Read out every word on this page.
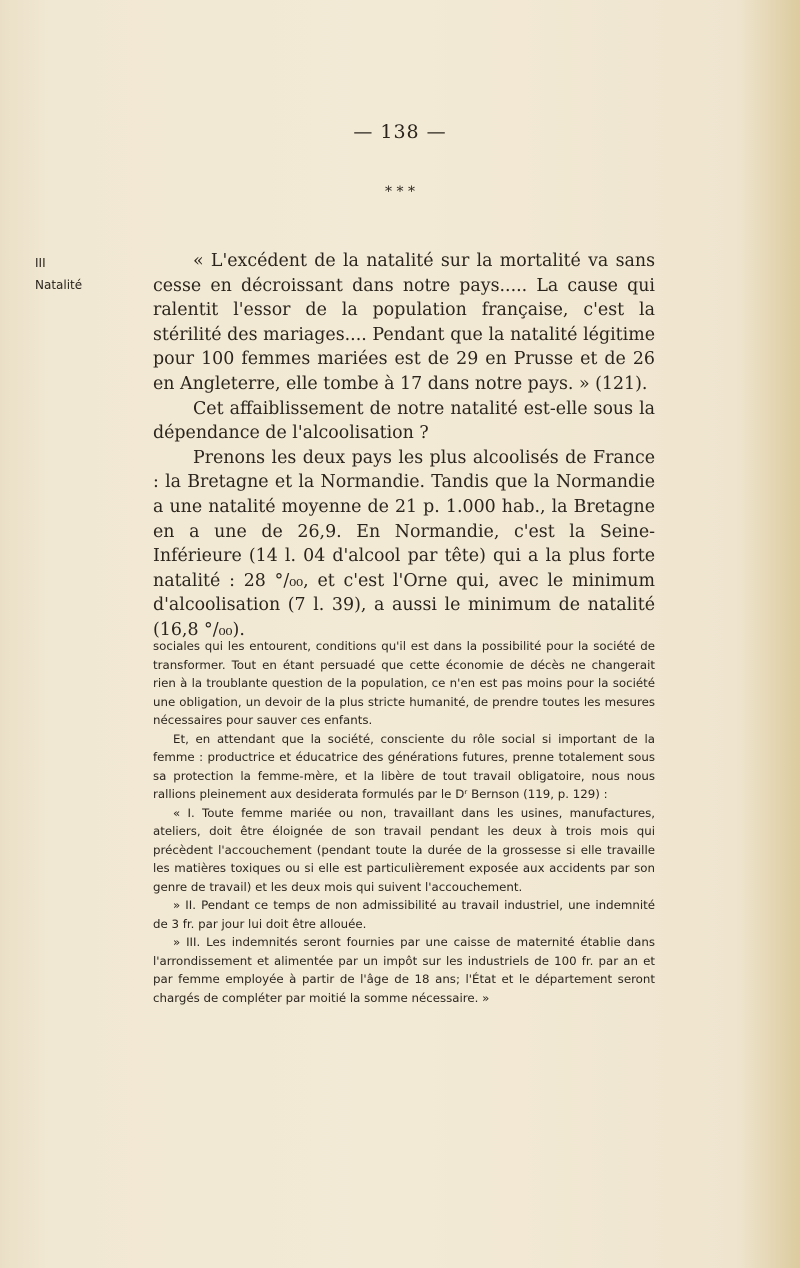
— 138 —
* * *
III
Natalité

« L'excédent de la natalité sur la mortalité va sans cesse en décroissant dans notre pays..... La cause qui ralentit l'essor de la population française, c'est la stérilité des mariages.... Pendant que la natalité légitime pour 100 femmes mariées est de 29 en Prusse et de 26 en Angleterre, elle tombe à 17 dans notre pays. » (121).

Cet affaiblissement de notre natalité est-elle sous la dépendance de l'alcoolisation ?

Prenons les deux pays les plus alcoolisés de France : la Bretagne et la Normandie. Tandis que la Normandie a une natalité moyenne de 21 p. 1.000 hab., la Bretagne en a une de 26,9. En Normandie, c'est la Seine-Inférieure (14 l. 04 d'alcool par tête) qui a la plus forte natalité : 28 °/₀₀, et c'est l'Orne qui, avec le minimum d'alcoolisation (7 l. 39), a aussi le minimum de natalité (16,8 °/₀₀).

sociales qui les entourent, conditions qu'il est dans la possibilité pour la société de transformer. Tout en étant persuadé que cette économie de décès ne changerait rien à la troublante question de la population, ce n'en est pas moins pour la société une obligation, un devoir de la plus stricte humanité, de prendre toutes les mesures nécessaires pour sauver ces enfants.

Et, en attendant que la société, consciente du rôle social si important de la femme : productrice et éducatrice des générations futures, prenne totalement sous sa protection la femme-mère, et la libère de tout travail obligatoire, nous nous rallions pleinement aux desiderata formulés par le Dʳ Bernson (119, p. 129) :

« I. Toute femme mariée ou non, travaillant dans les usines, manufactures, ateliers, doit être éloignée de son travail pendant les deux à trois mois qui précèdent l'accouchement (pendant toute la durée de la grossesse si elle travaille les matières toxiques ou si elle est particulièrement exposée aux accidents par son genre de travail) et les deux mois qui suivent l'accouchement.

» II. Pendant ce temps de non admissibilité au travail industriel, une indemnité de 3 fr. par jour lui doit être allouée.

» III. Les indemnités seront fournies par une caisse de maternité établie dans l'arrondissement et alimentée par un impôt sur les industriels de 100 fr. par an et par femme employée à partir de l'âge de 18 ans; l'État et le département seront chargés de compléter par moitié la somme nécessaire. »
